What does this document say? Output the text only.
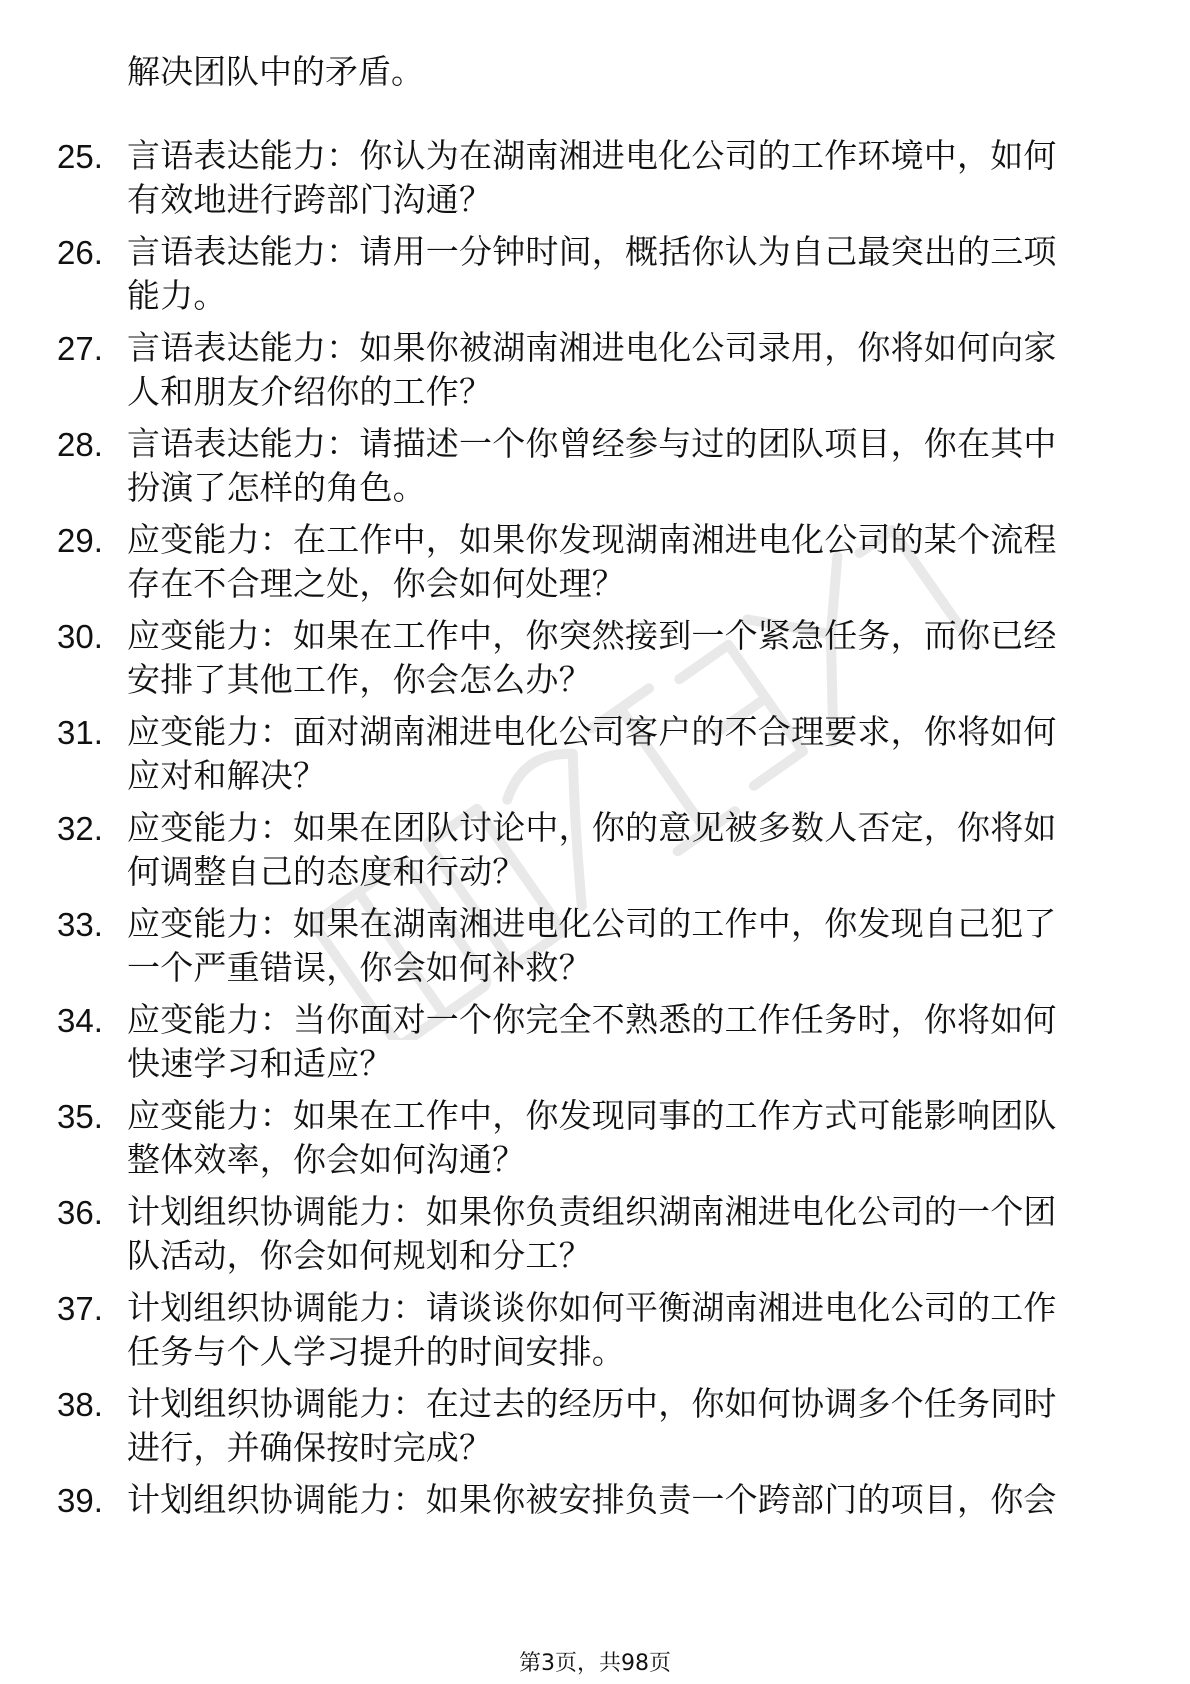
解决团队中的矛盾。
25. 言语表达能力：你认为在湖南湘进电化公司的工作环境中，如何
有效地进行跨部门沟通？
26. 言语表达能力：请用一分钟时间，概括你认为自己最突出的三项
能力。
27. 言语表达能力：如果你被湖南湘进电化公司录用，你将如何向家
人和朋友介绍你的工作？
28. 言语表达能力：请描述一个你曾经参与过的团队项目，你在其中
扮演了怎样的角色。
29. 应变能力：在工作中，如果你发现湖南湘进电化公司的某个流程
存在不合理之处，你会如何处理？
30. 应变能力：如果在工作中，你突然接到一个紧急任务，而你已经
安排了其他工作，你会怎么办？
31. 应变能力：面对湖南湘进电化公司客户的不合理要求，你将如何
应对和解决？
32. 应变能力：如果在团队讨论中，你的意见被多数人否定，你将如
何调整自己的态度和行动？
33. 应变能力：如果在湖南湘进电化公司的工作中，你发现自己犯了
一个严重错误，你会如何补救？
34. 应变能力：当你面对一个你完全不熟悉的工作任务时，你将如何
快速学习和适应？
35. 应变能力：如果在工作中，你发现同事的工作方式可能影响团队
整体效率，你会如何沟通？
36. 计划组织协调能力：如果你负责组织湖南湘进电化公司的一个团
队活动，你会如何规划和分工？
37. 计划组织协调能力：请谈谈你如何平衡湖南湘进电化公司的工作
任务与个人学习提升的时间安排。
38. 计划组织协调能力：在过去的经历中，你如何协调多个任务同时
进行，并确保按时完成？
39. 计划组织协调能力：如果你被安排负责一个跨部门的项目，你会
第3页，共98页
